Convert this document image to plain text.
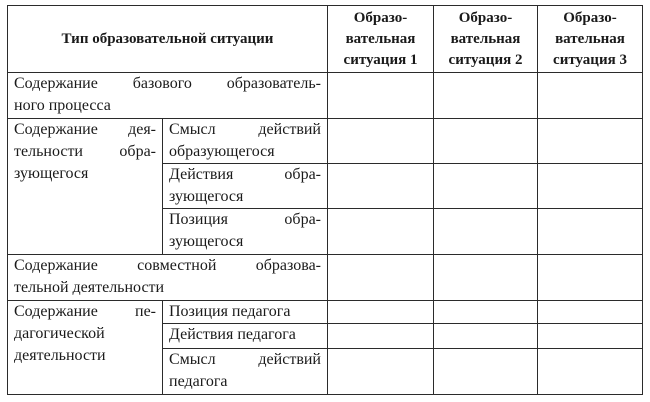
Тип образовательной ситуации		Образо-
вательная
ситуация 1	Образо-
вательная
ситуация 2	Образо-
вательная
ситуация 3

Содержание базового образователь-
ного процесса				

Содержание дея-
тельности обра-
зующегося	Смысл действий
образующегося			

	Действия обра-
зующегося			

	Позиция обра-
зующегося			

Содержание совместной образова-
тельной деятельности				

Содержание пе-
дагогической
деятельности	Позиция педагога			

	Действия педагога			

	Смысл действий
педагога			
